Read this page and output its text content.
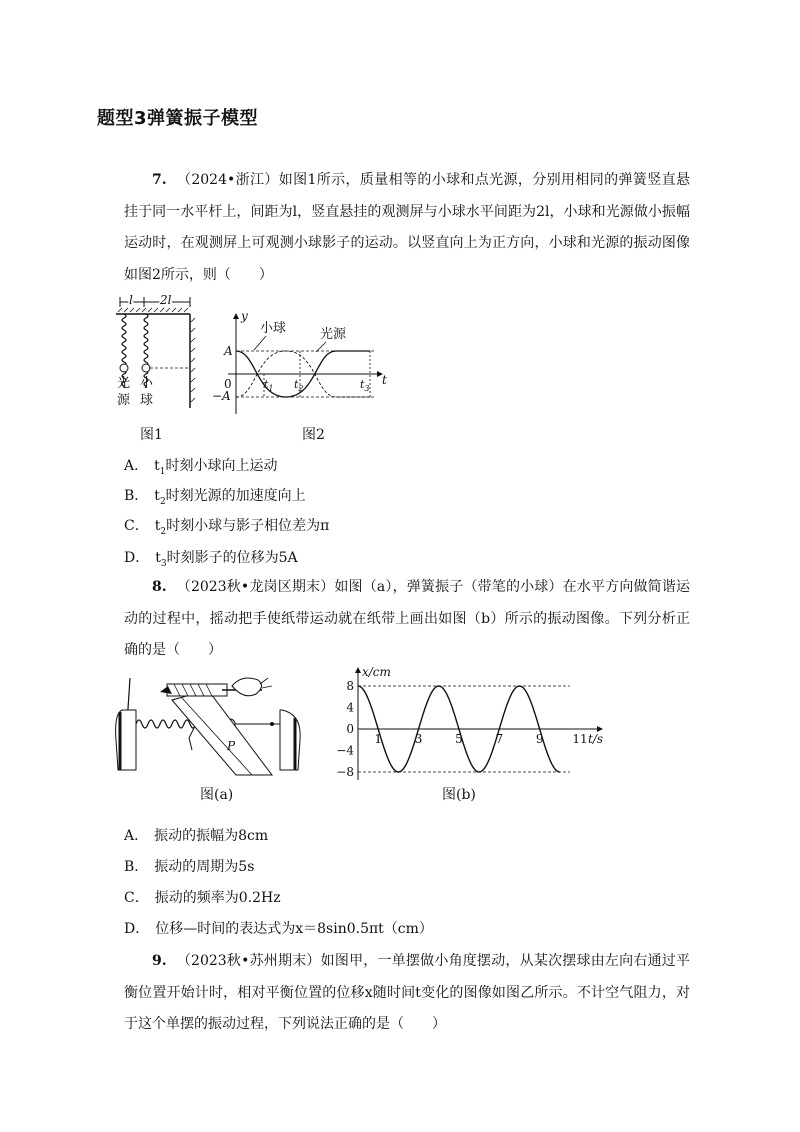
题型3弹簧振子模型
7. （2024•浙江）如图1所示，质量相等的小球和点光源，分别用相同的弹簧竖直悬挂于同一水平杆上，间距为l，竖直悬挂的观测屏与小球水平间距为2l，小球和光源做小振幅运动时，在观测屏上可观测小球影子的运动。以竖直向上为正方向，小球和光源的振动图像如图2所示，则（　　）
l 2l
光
源
小
球
图1
y
t
0
A
−A
$t_1$ $t_2$	$t_3$
小球	光源
图2
A． $t_1$时刻小球向上运动
B． $t_2$时刻光源的加速度向上
C． $t_2$时刻小球与影子相位差为π
D． $t_3$时刻影子的位移为5A
8. （2023秋•龙岗区期末）如图（a），弹簧振子（带笔的小球）在水平方向做简谐运动的过程中，摇动把手使纸带运动就在纸带上画出如图（b）所示的振动图像。下列分析正确的是（　　）
P
图(a)
x/cm
t/s
8
4
0
−4
−8
1	3	5	7	9 11
图(b)
A． 振动的振幅为8cm
B． 振动的周期为5s
C． 振动的频率为0.2Hz
D． 位移—时间的表达式为x＝8sin0.5πt（cm）
9. （2023秋•苏州期末）如图甲，一单摆做小角度摆动，从某次摆球由左向右通过平衡位置开始计时，相对平衡位置的位移x随时间t变化的图像如图乙所示。不计空气阻力，对于这个单摆的振动过程，下列说法正确的是（　　）
